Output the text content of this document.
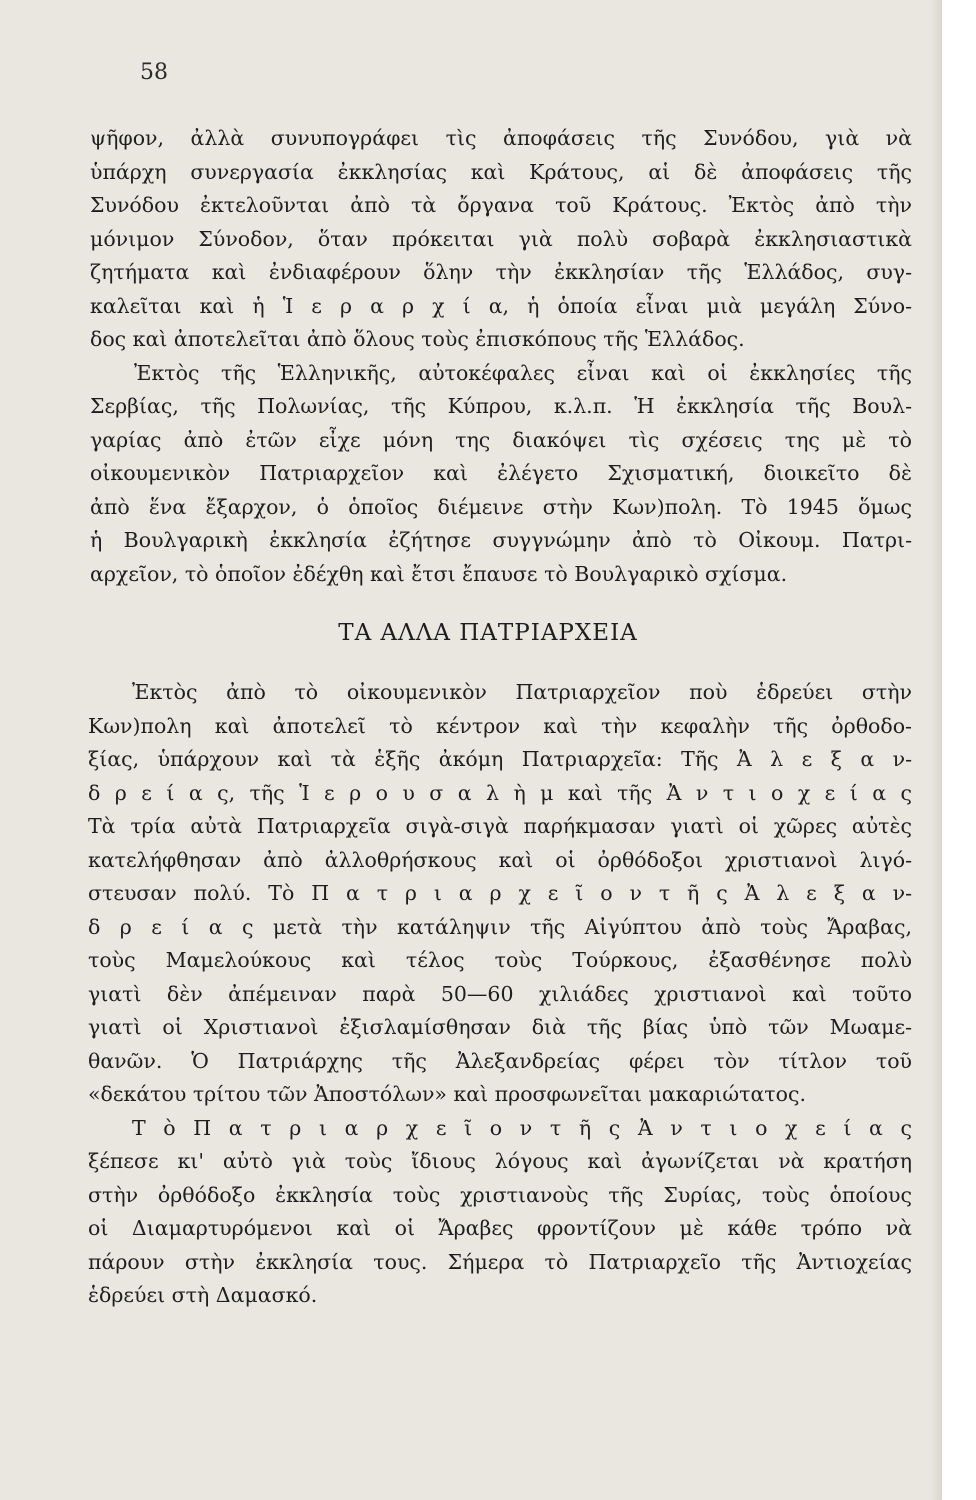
58
ψῆφον, ἀλλὰ συνυπογράφει τὶς ἀποφάσεις τῆς Συνόδου, γιὰ νὰ
ὑπάρχη συνεργασία ἐκκλησίας καὶ Κράτους, αἱ δὲ ἀποφάσεις τῆς
Συνόδου ἐκτελοῦνται ἀπὸ τὰ ὄργανα τοῦ Κράτους. Ἐκτὸς ἀπὸ τὴν
μόνιμον Σύνοδον, ὅταν πρόκειται γιὰ πολὺ σοβαρὰ ἐκκλησιαστικὰ
ζητήματα καὶ ἐνδιαφέρουν ὅλην τὴν ἐκκλησίαν τῆς Ἑλλάδος, συγ-
καλεῖται καὶ ἡ Ἱ ε ρ α ρ χ ί α, ἡ ὁποία εἶναι μιὰ μεγάλη Σύνο-
δος καὶ ἀποτελεῖται ἀπὸ ὅλους τοὺς ἐπισκόπους τῆς Ἑλλάδος.
Ἐκτὸς τῆς Ἑλληνικῆς, αὐτοκέφαλες εἶναι καὶ οἱ ἐκκλησίες τῆς
Σερβίας, τῆς Πολωνίας, τῆς Κύπρου, κ.λ.π. Ἡ ἐκκλησία τῆς Βουλ-
γαρίας ἀπὸ ἐτῶν εἶχε μόνη της διακόψει τὶς σχέσεις της μὲ τὸ
οἰκουμενικὸν Πατριαρχεῖον καὶ ἐλέγετο Σχισματική, διοικεῖτο δὲ
ἀπὸ ἕνα ἔξαρχον, ὁ ὁποῖος διέμεινε στὴν Κων)πολη. Τὸ 1945 ὅμως
ἡ Βουλγαρικὴ ἐκκλησία ἐζήτησε συγγνώμην ἀπὸ τὸ Οἰκουμ. Πατρι-
αρχεῖον, τὸ ὁποῖον ἐδέχθη καὶ ἔτσι ἔπαυσε τὸ Βουλγαρικὸ σχίσμα.
ΤΑ ΑΛΛΑ ΠΑΤΡΙΑΡΧΕΙΑ
Ἐκτὸς ἀπὸ τὸ οἰκουμενικὸν Πατριαρχεῖον ποὺ ἑδρεύει στὴν
Κων)πολη καὶ ἀποτελεῖ τὸ κέντρον καὶ τὴν κεφαλὴν τῆς ὀρθοδο-
ξίας, ὑπάρχουν καὶ τὰ ἑξῆς ἀκόμη Πατριαρχεῖα: Τῆς Ἀ λ ε ξ α ν-
δ ρ ε ί α ς, τῆς Ἱ ε ρ ο υ σ α λ ὴ μ καὶ τῆς Ἀ ν τ ι ο χ ε ί α ς
Τὰ τρία αὐτὰ Πατριαρχεῖα σιγὰ-σιγὰ παρήκμασαν γιατὶ οἱ χῶρες αὐτὲς
κατελήφθησαν ἀπὸ ἀλλοθρήσκους καὶ οἱ ὀρθόδοξοι χριστιανοὶ λιγό-
στευσαν πολύ. Τὸ Π α τ ρ ι α ρ χ ε ῖ ο ν τ ῆ ς Ἀ λ ε ξ α ν-
δ ρ ε ί α ς μετὰ τὴν κατάληψιν τῆς Αἰγύπτου ἀπὸ τοὺς Ἄραβας,
τοὺς Μαμελούκους καὶ τέλος τοὺς Τούρκους, ἐξασθένησε πολὺ
γιατὶ δὲν ἀπέμειναν παρὰ 50—60 χιλιάδες χριστιανοὶ καὶ τοῦτο
γιατὶ οἱ Χριστιανοὶ ἐξισλαμίσθησαν διὰ τῆς βίας ὑπὸ τῶν Μωαμε-
θανῶν. Ὁ Πατριάρχης τῆς Ἀλεξανδρείας φέρει τὸν τίτλον τοῦ
«δεκάτου τρίτου τῶν Ἀποστόλων» καὶ προσφωνεῖται μακαριώτατος.
Τ ὸ Π α τ ρ ι α ρ χ ε ῖ ο ν τ ῆ ς Ἀ ν τ ι ο χ ε ί α ς
ξέπεσε κι' αὐτὸ γιὰ τοὺς ἴδιους λόγους καὶ ἀγωνίζεται νὰ κρατήση
στὴν ὀρθόδοξο ἐκκλησία τοὺς χριστιανοὺς τῆς Συρίας, τοὺς ὁποίους
οἱ Διαμαρτυρόμενοι καὶ οἱ Ἄραβες φροντίζουν μὲ κάθε τρόπο νὰ
πάρουν στὴν ἐκκλησία τους. Σήμερα τὸ Πατριαρχεῖο τῆς Ἀντιοχείας
ἑδρεύει στὴ Δαμασκό.
